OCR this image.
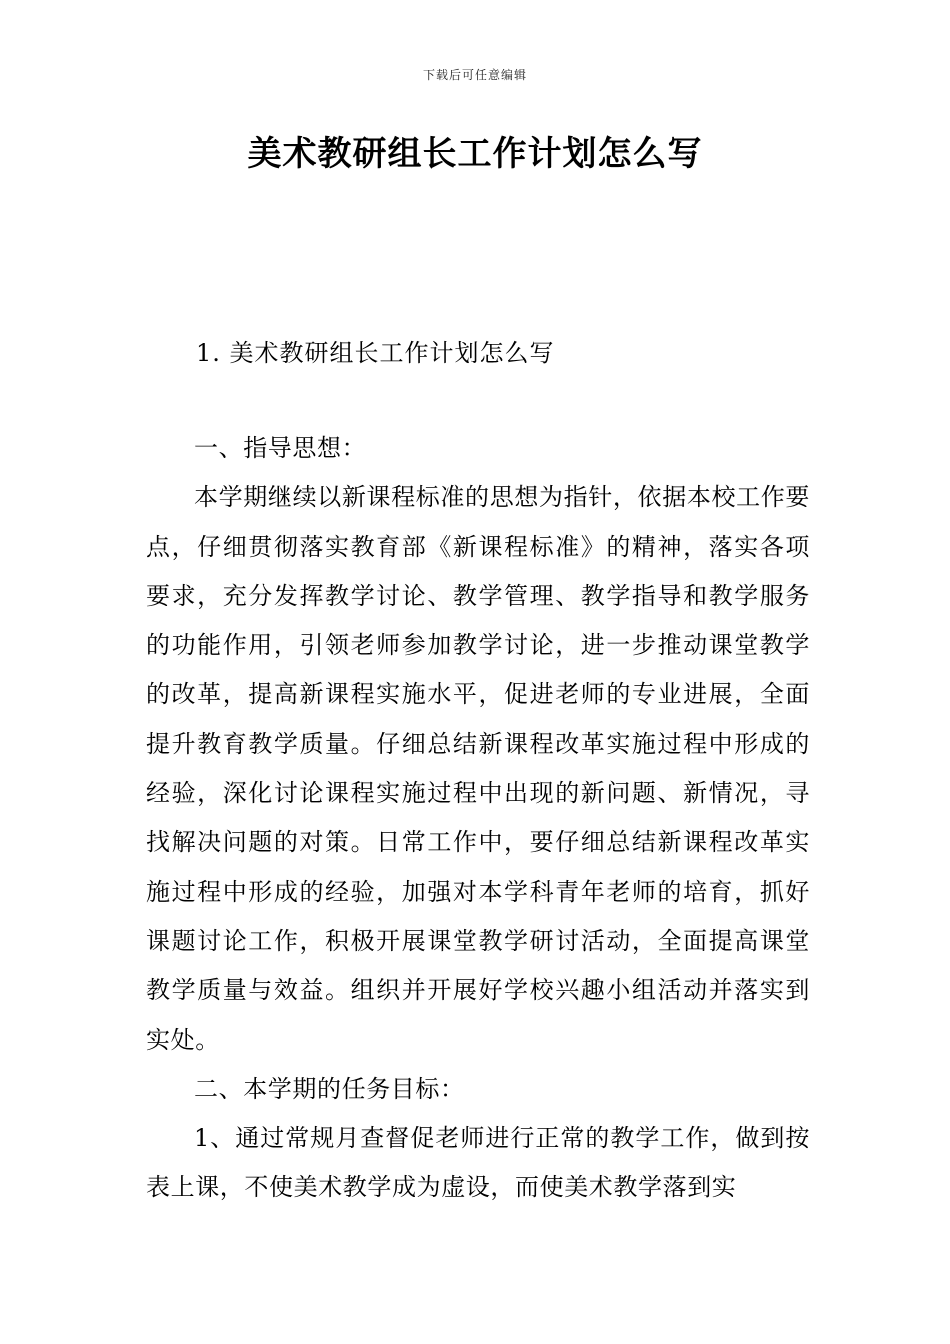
下载后可任意编辑
美术教研组长工作计划怎么写
1. 美术教研组长工作计划怎么写

一、指导思想：

本学期继续以新课程标准的思想为指针，依据本校工作要点，仔细贯彻落实教育部《新课程标准》的精神，落实各项要求，充分发挥教学讨论、教学管理、教学指导和教学服务的功能作用，引领老师参加教学讨论，进一步推动课堂教学的改革，提高新课程实施水平，促进老师的专业进展，全面提升教育教学质量。仔细总结新课程改革实施过程中形成的经验，深化讨论课程实施过程中出现的新问题、新情况，寻找解决问题的对策。日常工作中，要仔细总结新课程改革实施过程中形成的经验，加强对本学科青年老师的培育，抓好课题讨论工作，积极开展课堂教学研讨活动，全面提高课堂教学质量与效益。组织并开展好学校兴趣小组活动并落实到实处。

二、本学期的任务目标：

1、通过常规月查督促老师进行正常的教学工作，做到按表上课，不使美术教学成为虚设，而使美术教学落到实
